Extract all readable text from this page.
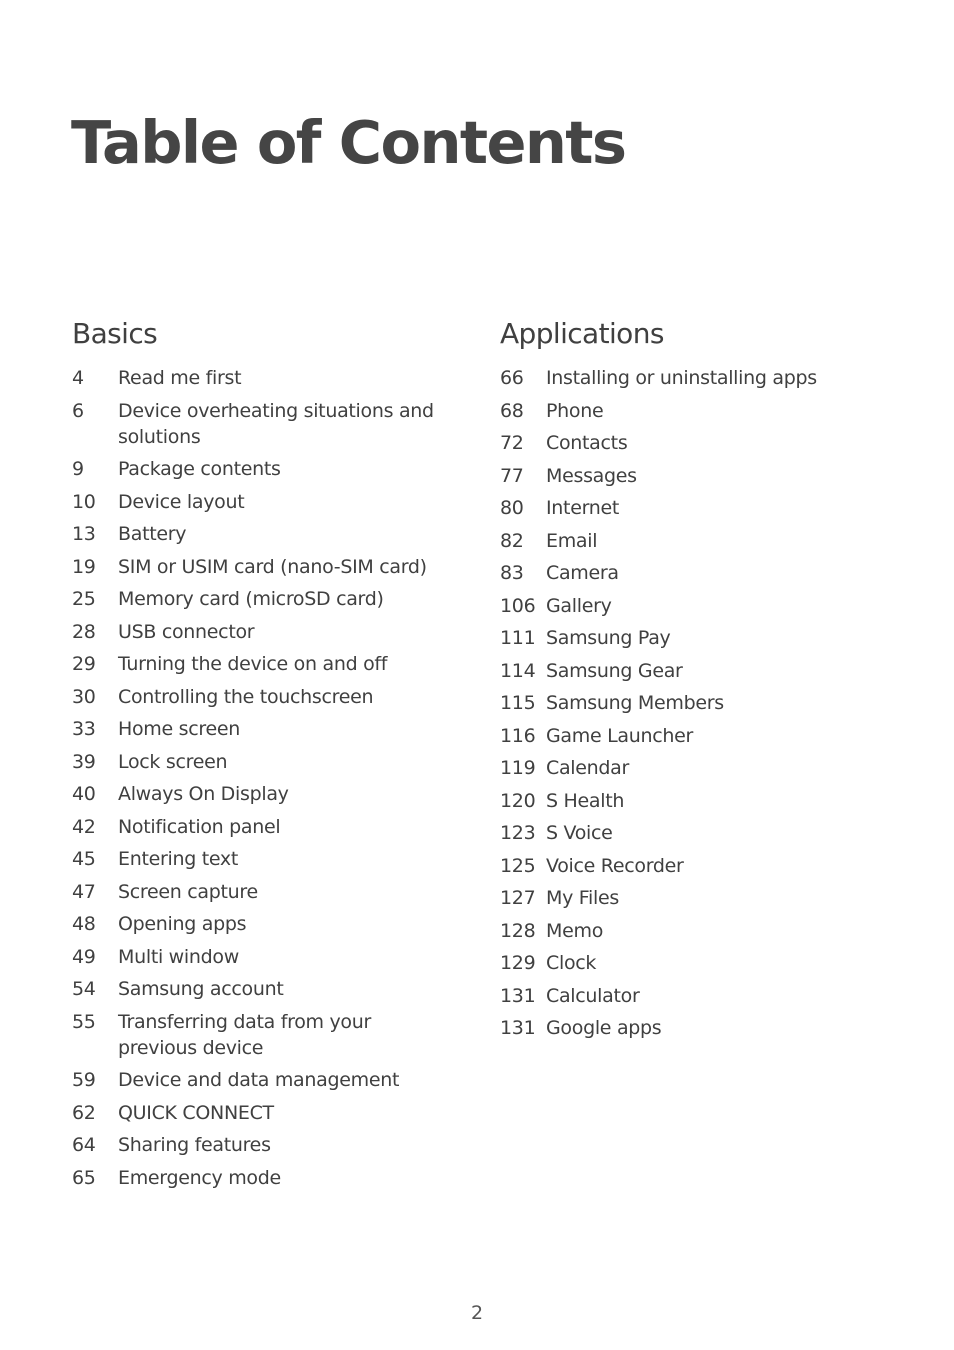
Table of Contents
Basics
4	Read me first
6	Device overheating situations and solutions
9	Package contents
10	Device layout
13	Battery
19	SIM or USIM card (nano-SIM card)
25	Memory card (microSD card)
28	USB connector
29	Turning the device on and off
30	Controlling the touchscreen
33	Home screen
39	Lock screen
40	Always On Display
42	Notification panel
45	Entering text
47	Screen capture
48	Opening apps
49	Multi window
54	Samsung account
55	Transferring data from your previous device
59	Device and data management
62	QUICK CONNECT
64	Sharing features
65	Emergency mode
Applications
66	Installing or uninstalling apps
68	Phone
72	Contacts
77	Messages
80	Internet
82	Email
83	Camera
106 Gallery
111 Samsung Pay
114 Samsung Gear
115 Samsung Members
116 Game Launcher
119 Calendar
120 S Health
123 S Voice
125 Voice Recorder
127 My Files
128 Memo
129 Clock
131 Calculator
131 Google apps
2
